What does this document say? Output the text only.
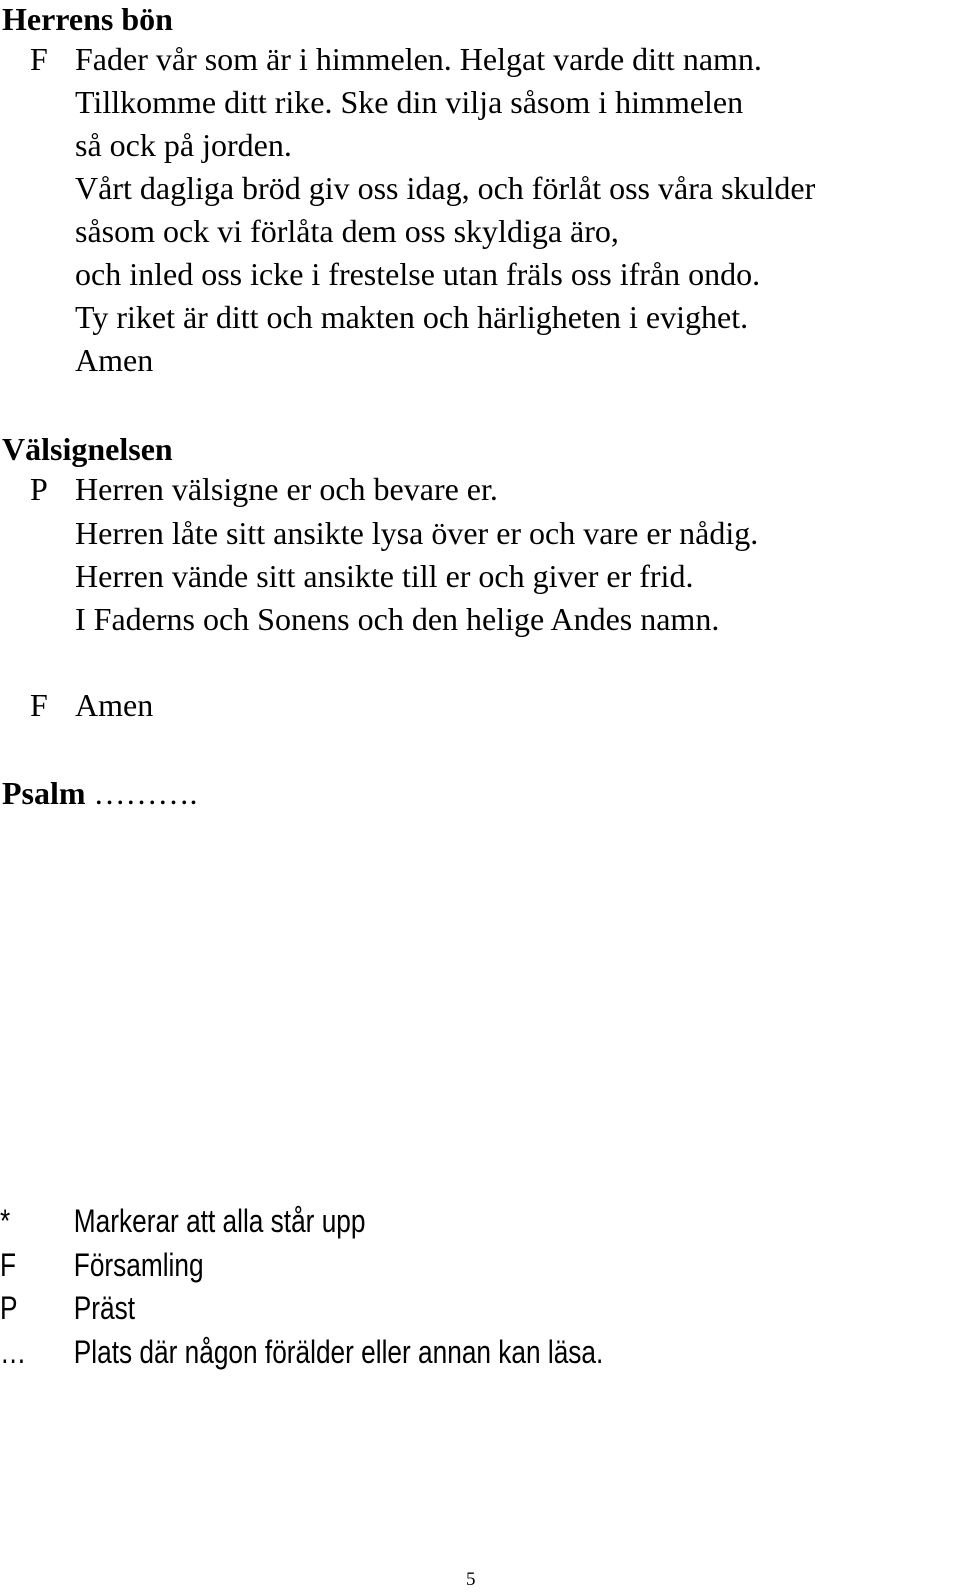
Herrens bön
F Fader vår som är i himmelen. Helgat varde ditt namn.
Tillkomme ditt rike. Ske din vilja såsom i himmelen
så ock på jorden.
Vårt dagliga bröd giv oss idag, och förlåt oss våra skulder
såsom ock vi förlåta dem oss skyldiga äro,
och inled oss icke i frestelse utan fräls oss ifrån ondo.
Ty riket är ditt och makten och härligheten i evighet.
Amen
Välsignelsen
P Herren välsigne er och bevare er.
Herren låte sitt ansikte lysa över er och vare er nådig.
Herren vände sitt ansikte till er och giver er frid.
I Faderns och Sonens och den helige Andes namn.
F Amen
Psalm ……….
* Markerar att alla står upp
F Församling
P Präst
… Plats där någon förälder eller annan kan läsa.
5
